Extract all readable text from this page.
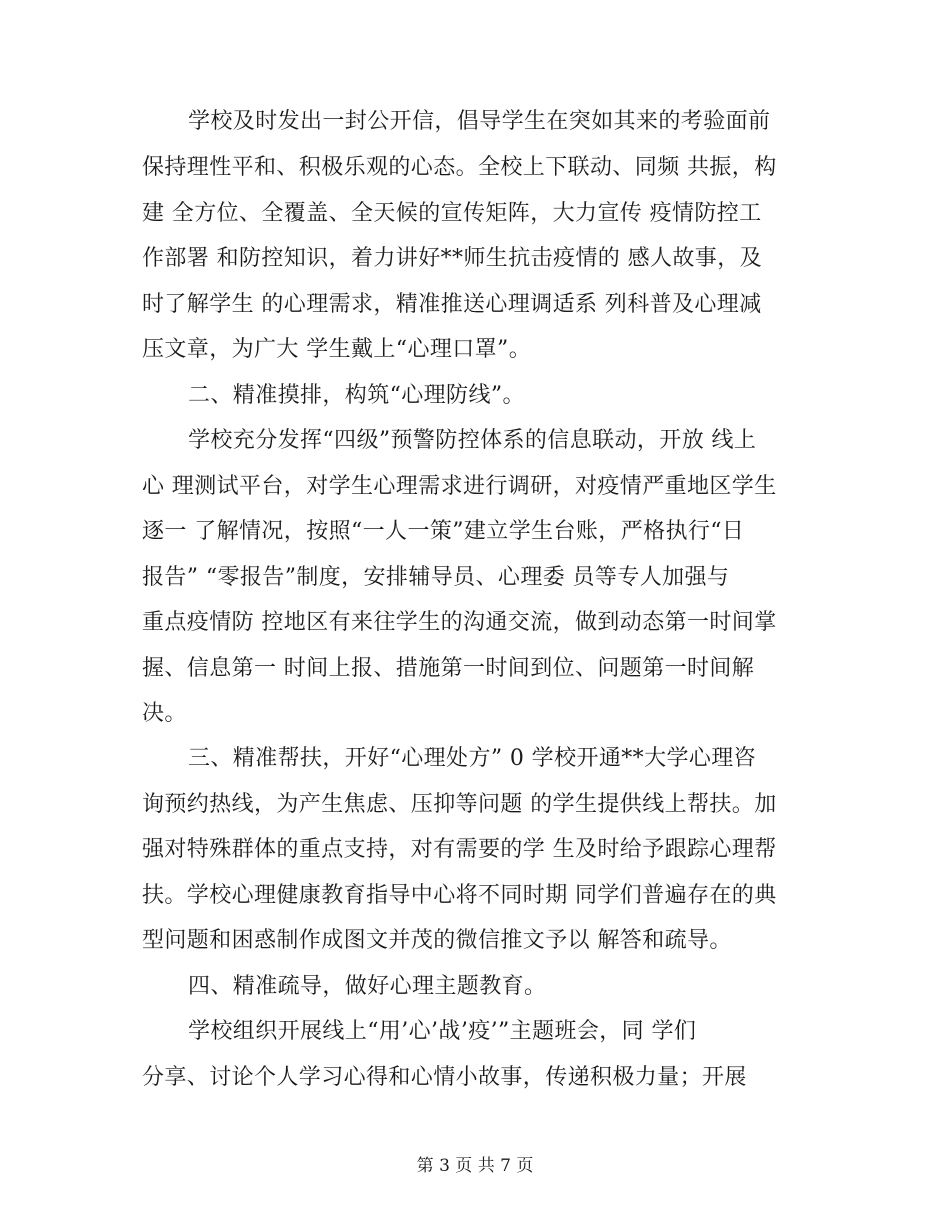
学校及时发出一封公开信，倡导学生在突如其来的考验面前
保持理性平和、积极乐观的心态。全校上下联动、同频 共振，构
建 全方位、全覆盖、全天候的宣传矩阵，大力宣传 疫情防控工
作部署 和防控知识，着力讲好**师生抗击疫情的 感人故事，及
时了解学生 的心理需求，精准推送心理调适系 列科普及心理减
压文章，为广大 学生戴上“心理口罩”。
二、精准摸排，构筑“心理防线”。
学校充分发挥“四级”预警防控体系的信息联动，开放 线上
心 理测试平台，对学生心理需求进行调研，对疫情严重地区学生
逐一 了解情况，按照“一人一策”建立学生台账，严格执行“日
报告” “零报告”制度，安排辅导员、心理委 员等专人加强与
重点疫情防 控地区有来往学生的沟通交流，做到动态第一时间掌
握、信息第一 时间上报、措施第一时间到位、问题第一时间解
决。
三、精准帮扶，开好“心理处方” 0 学校开通**大学心理咨
询预约热线，为产生焦虑、压抑等问题 的学生提供线上帮扶。加
强对特殊群体的重点支持，对有需要的学 生及时给予跟踪心理帮
扶。学校心理健康教育指导中心将不同时期 同学们普遍存在的典
型问题和困惑制作成图文并茂的微信推文予以 解答和疏导。
四、精准疏导，做好心理主题教育。
学校组织开展线上“用’心’战’疫’”主题班会，同 学们
分享、讨论个人学习心得和心情小故事，传递积极力量；开展
第 3 页 共 7 页
